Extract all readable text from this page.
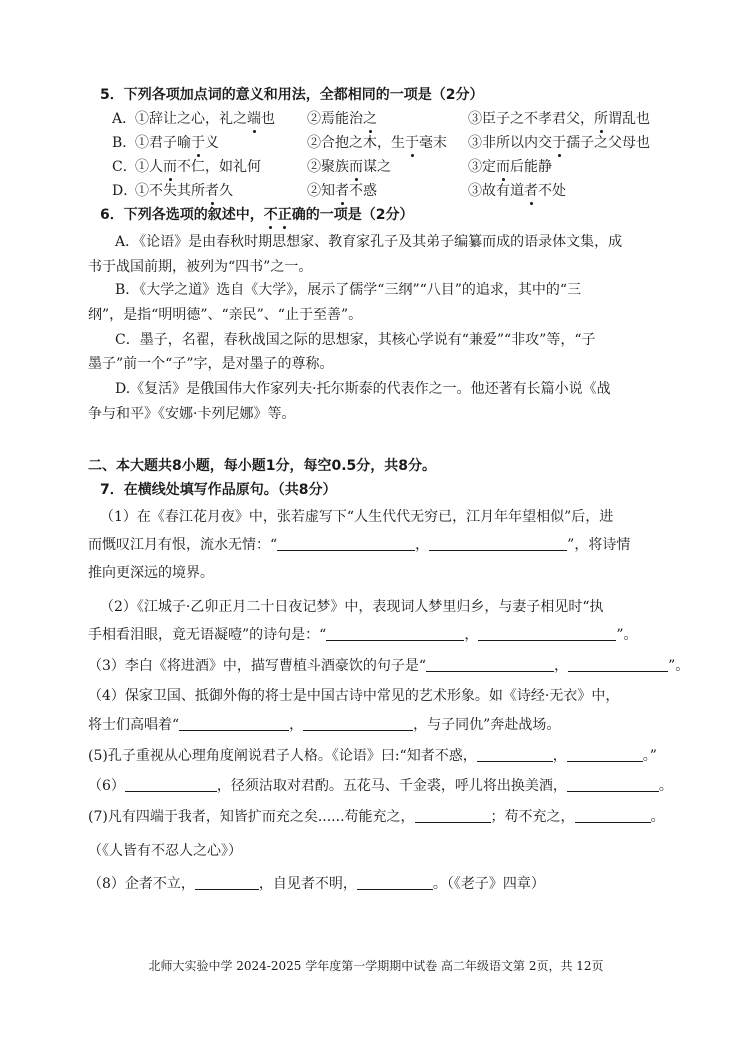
5．下列各项加点词的意义和用法，全都相同的一项是（2分）
A．
①辞让之心，礼之端也 ②焉能治之	③臣子之不孝君父，所谓乱也
B．
①君子喻于义	②合抱之木，生于毫末 ③非所以内交于孺子之父母也
C．
①人而不仁，如礼何	②聚族而谋之	③定而后能静
D．
①不失其所者久	②知者不惑	③故有道者不处
6．下列各选项的叙述中，不正确的一项是（2分）
A．《论语》是由春秋时期思想家、教育家孔子及其弟子编纂而成的语录体文集，成
书于战国前期，被列为“四书”之一。
B．《大学之道》选自《大学》，展示了儒学“三纲”“八目”的追求，其中的“三
纲”，是指“明明德”、“亲民”、“止于至善”。
C．墨子，名翟，春秋战国之际的思想家，其核心学说有“兼爱”“非攻”等，“子
墨子”前一个“子”字，是对墨子的尊称。
D.《复活》是俄国伟大作家列夫·托尔斯泰的代表作之一。他还著有长篇小说《战
争与和平》《安娜·卡列尼娜》等。
二、本大题共8小题，每小题1分，每空0.5分，共8分。
7．在横线处填写作品原句。（共8分）
（1）在《春江花月夜》中，张若虚写下“人生代代无穷已，江月年年望相似”后，进
而慨叹江月有恨，流水无情：“	，	”，将诗情
推向更深远的境界。
（2）《江城子·乙卯正月二十日夜记梦》中，表现词人梦里归乡，与妻子相见时“执
手相看泪眼，竟无语凝噎”的诗句是：“	，	”。
（3）李白《将进酒》中，描写曹植斗酒豪饮的句子是“	，	”。
（4）保家卫国、抵御外侮的将士是中国古诗中常见的艺术形象。如《诗经·无衣》中，
将士们高唱着“	，	，与子同仇”奔赴战场。
(5)孔子重视从心理角度阐说君子人格。《论语》曰:“知者不惑，	，	。”
（6）	，径须沽取对君酌。五花马、千金裘，呼儿将出换美酒，	。
(7)凡有四端于我者，知皆扩而充之矣......苟能充之，	；苟不充之，	。
（《人皆有不忍人之心》）
（8）企者不立，	，自见者不明，	。（《老子》四章）
北师大实验中学 2024-2025 学年度第一学期期中试卷 高二年级语文第 2页，共 12页
